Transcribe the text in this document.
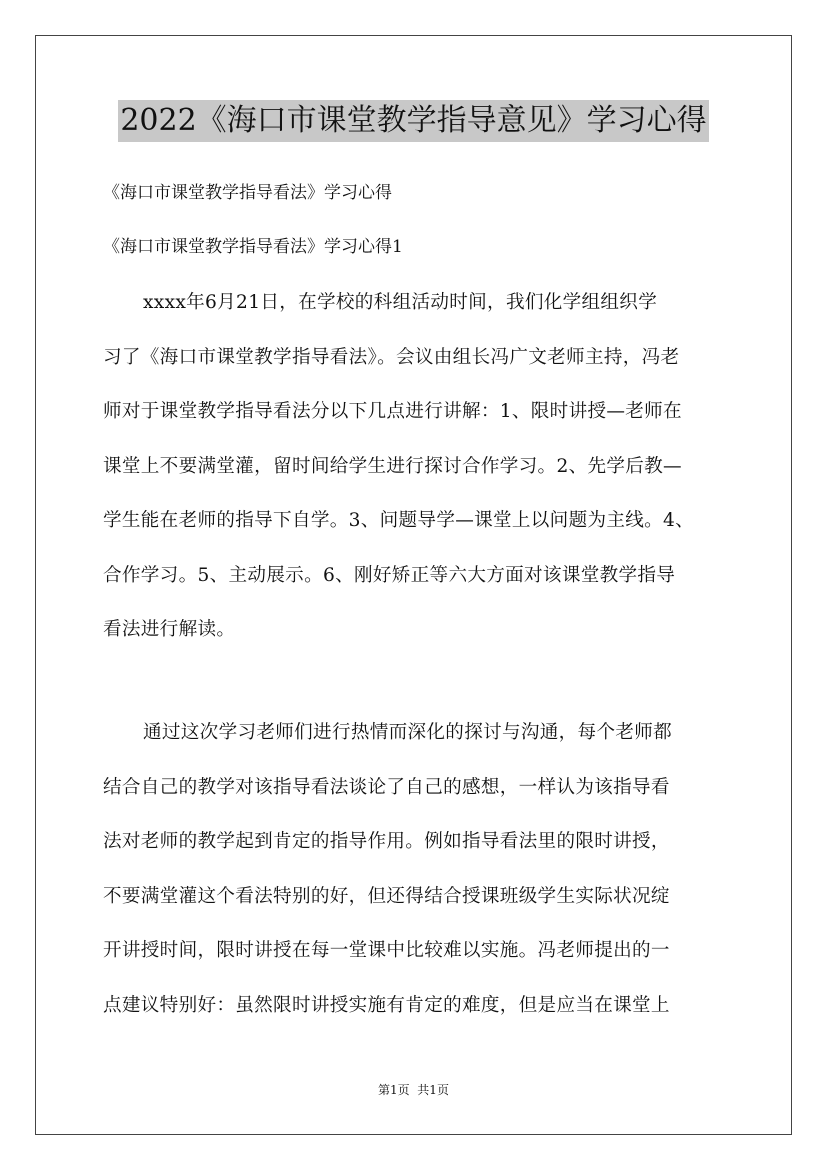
2022《海口市课堂教学指导意见》学习心得
《海口市课堂教学指导看法》学习心得
《海口市课堂教学指导看法》学习心得1
xxxx年6月21日，在学校的科组活动时间，我们化学组组织学
习了《海口市课堂教学指导看法》。会议由组长冯广文老师主持，冯老
师对于课堂教学指导看法分以下几点进行讲解：1、限时讲授—老师在
课堂上不要满堂灌，留时间给学生进行探讨合作学习。2、先学后教—
学生能在老师的指导下自学。3、问题导学—课堂上以问题为主线。4、
合作学习。5、主动展示。6、刚好矫正等六大方面对该课堂教学指导
看法进行解读。
通过这次学习老师们进行热情而深化的探讨与沟通，每个老师都
结合自己的教学对该指导看法谈论了自己的感想，一样认为该指导看
法对老师的教学起到肯定的指导作用。例如指导看法里的限时讲授，
不要满堂灌这个看法特别的好，但还得结合授课班级学生实际状况绽
开讲授时间，限时讲授在每一堂课中比较难以实施。冯老师提出的一
点建议特别好：虽然限时讲授实施有肯定的难度，但是应当在课堂上
第1页  共1页
